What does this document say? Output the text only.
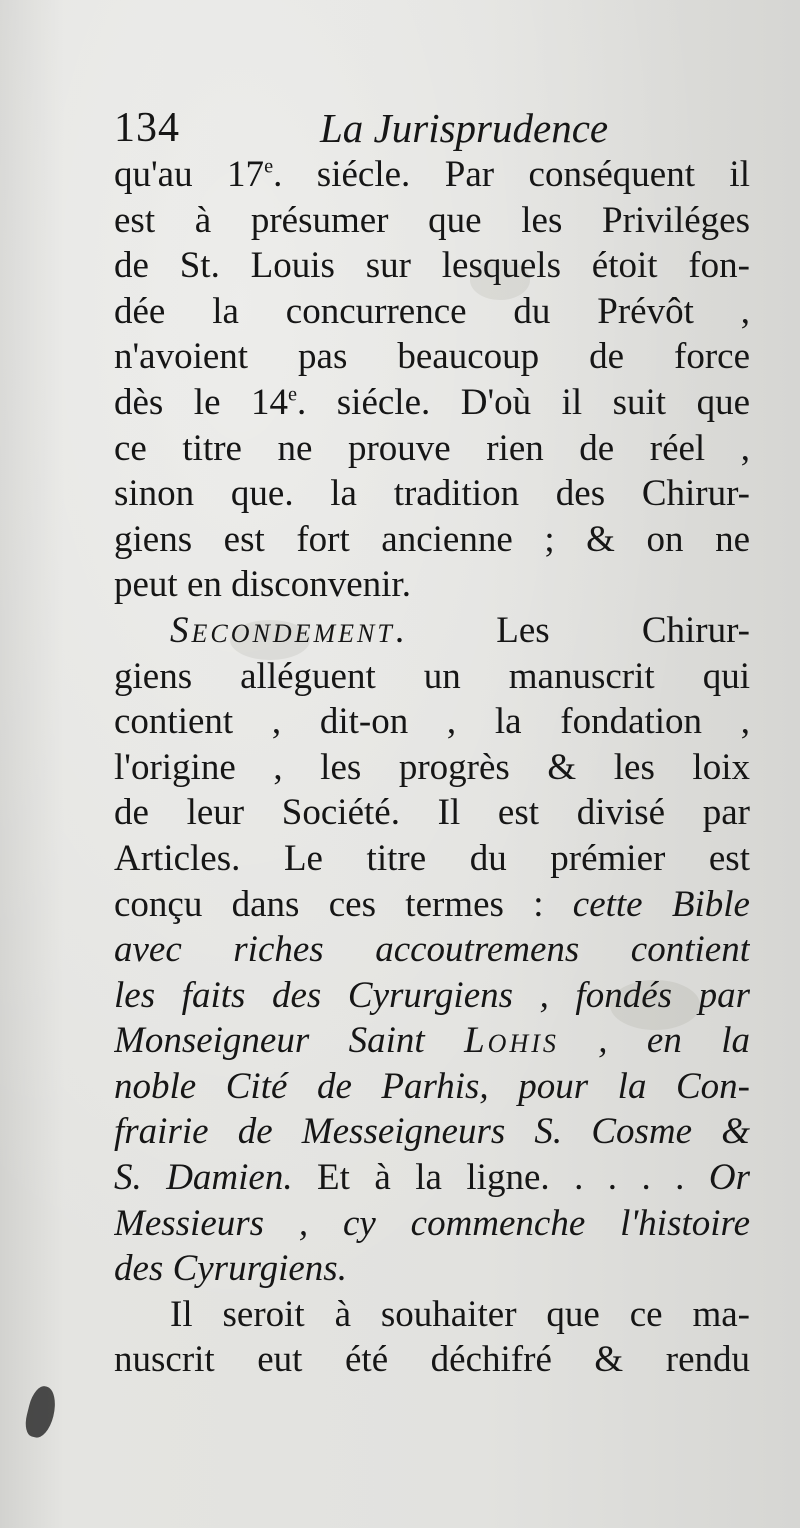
134	La Jurisprudence
qu'au 17e. siécle. Par conséquent il
est à présumer que les Priviléges
de St. Louis sur lesquels étoit fon-
dée la concurrence du Prévôt ,
n'avoient pas beaucoup de force
dès le 14e. siécle. D'où il suit que
ce titre ne prouve rien de réel ,
sinon que. la tradition des Chirur-
giens est fort ancienne ; & on ne
peut en disconvenir.
Secondement. Les Chirur-
giens alléguent un manuscrit qui
contient , dit-on , la fondation ,
l'origine , les progrès & les loix
de leur Société. Il est divisé par
Articles. Le titre du prémier est
conçu dans ces termes : cette Bible
avec riches accoutremens contient
les faits des Cyrurgiens , fondés par
Monseigneur Saint Lohis , en la
noble Cité de Parhis, pour la Con-
frairie de Messeigneurs S. Cosme &
S. Damien. Et à la ligne. . . . . Or
Messieurs , cy commenche l'histoire
des Cyrurgiens.
Il seroit à souhaiter que ce ma-
nuscrit eut été déchifré & rendu
